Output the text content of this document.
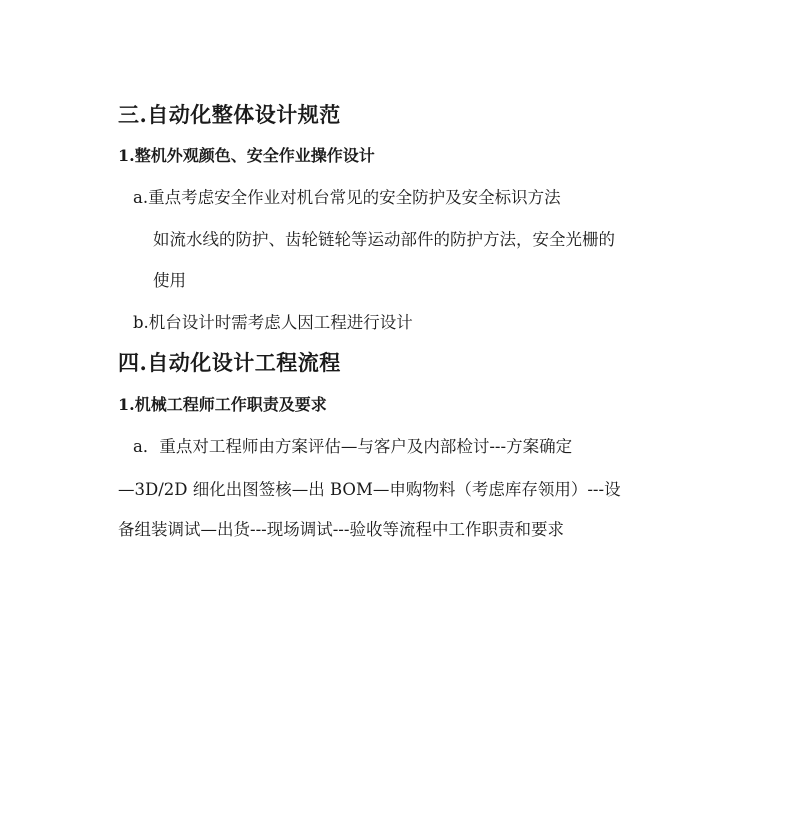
三.自动化整体设计规范
1.整机外观颜色、安全作业操作设计
a.重点考虑安全作业对机台常见的安全防护及安全标识方法
如流水线的防护、齿轮链轮等运动部件的防护方法，安全光栅的
使用
b.机台设计时需考虑人因工程进行设计
四.自动化设计工程流程
1.机械工程师工作职责及要求
a．重点对工程师由方案评估—与客户及内部检讨---方案确定
—3D/2D 细化出图签核—出 BOM—申购物料（考虑库存领用）---设
备组装调试—出货---现场调试---验收等流程中工作职责和要求
